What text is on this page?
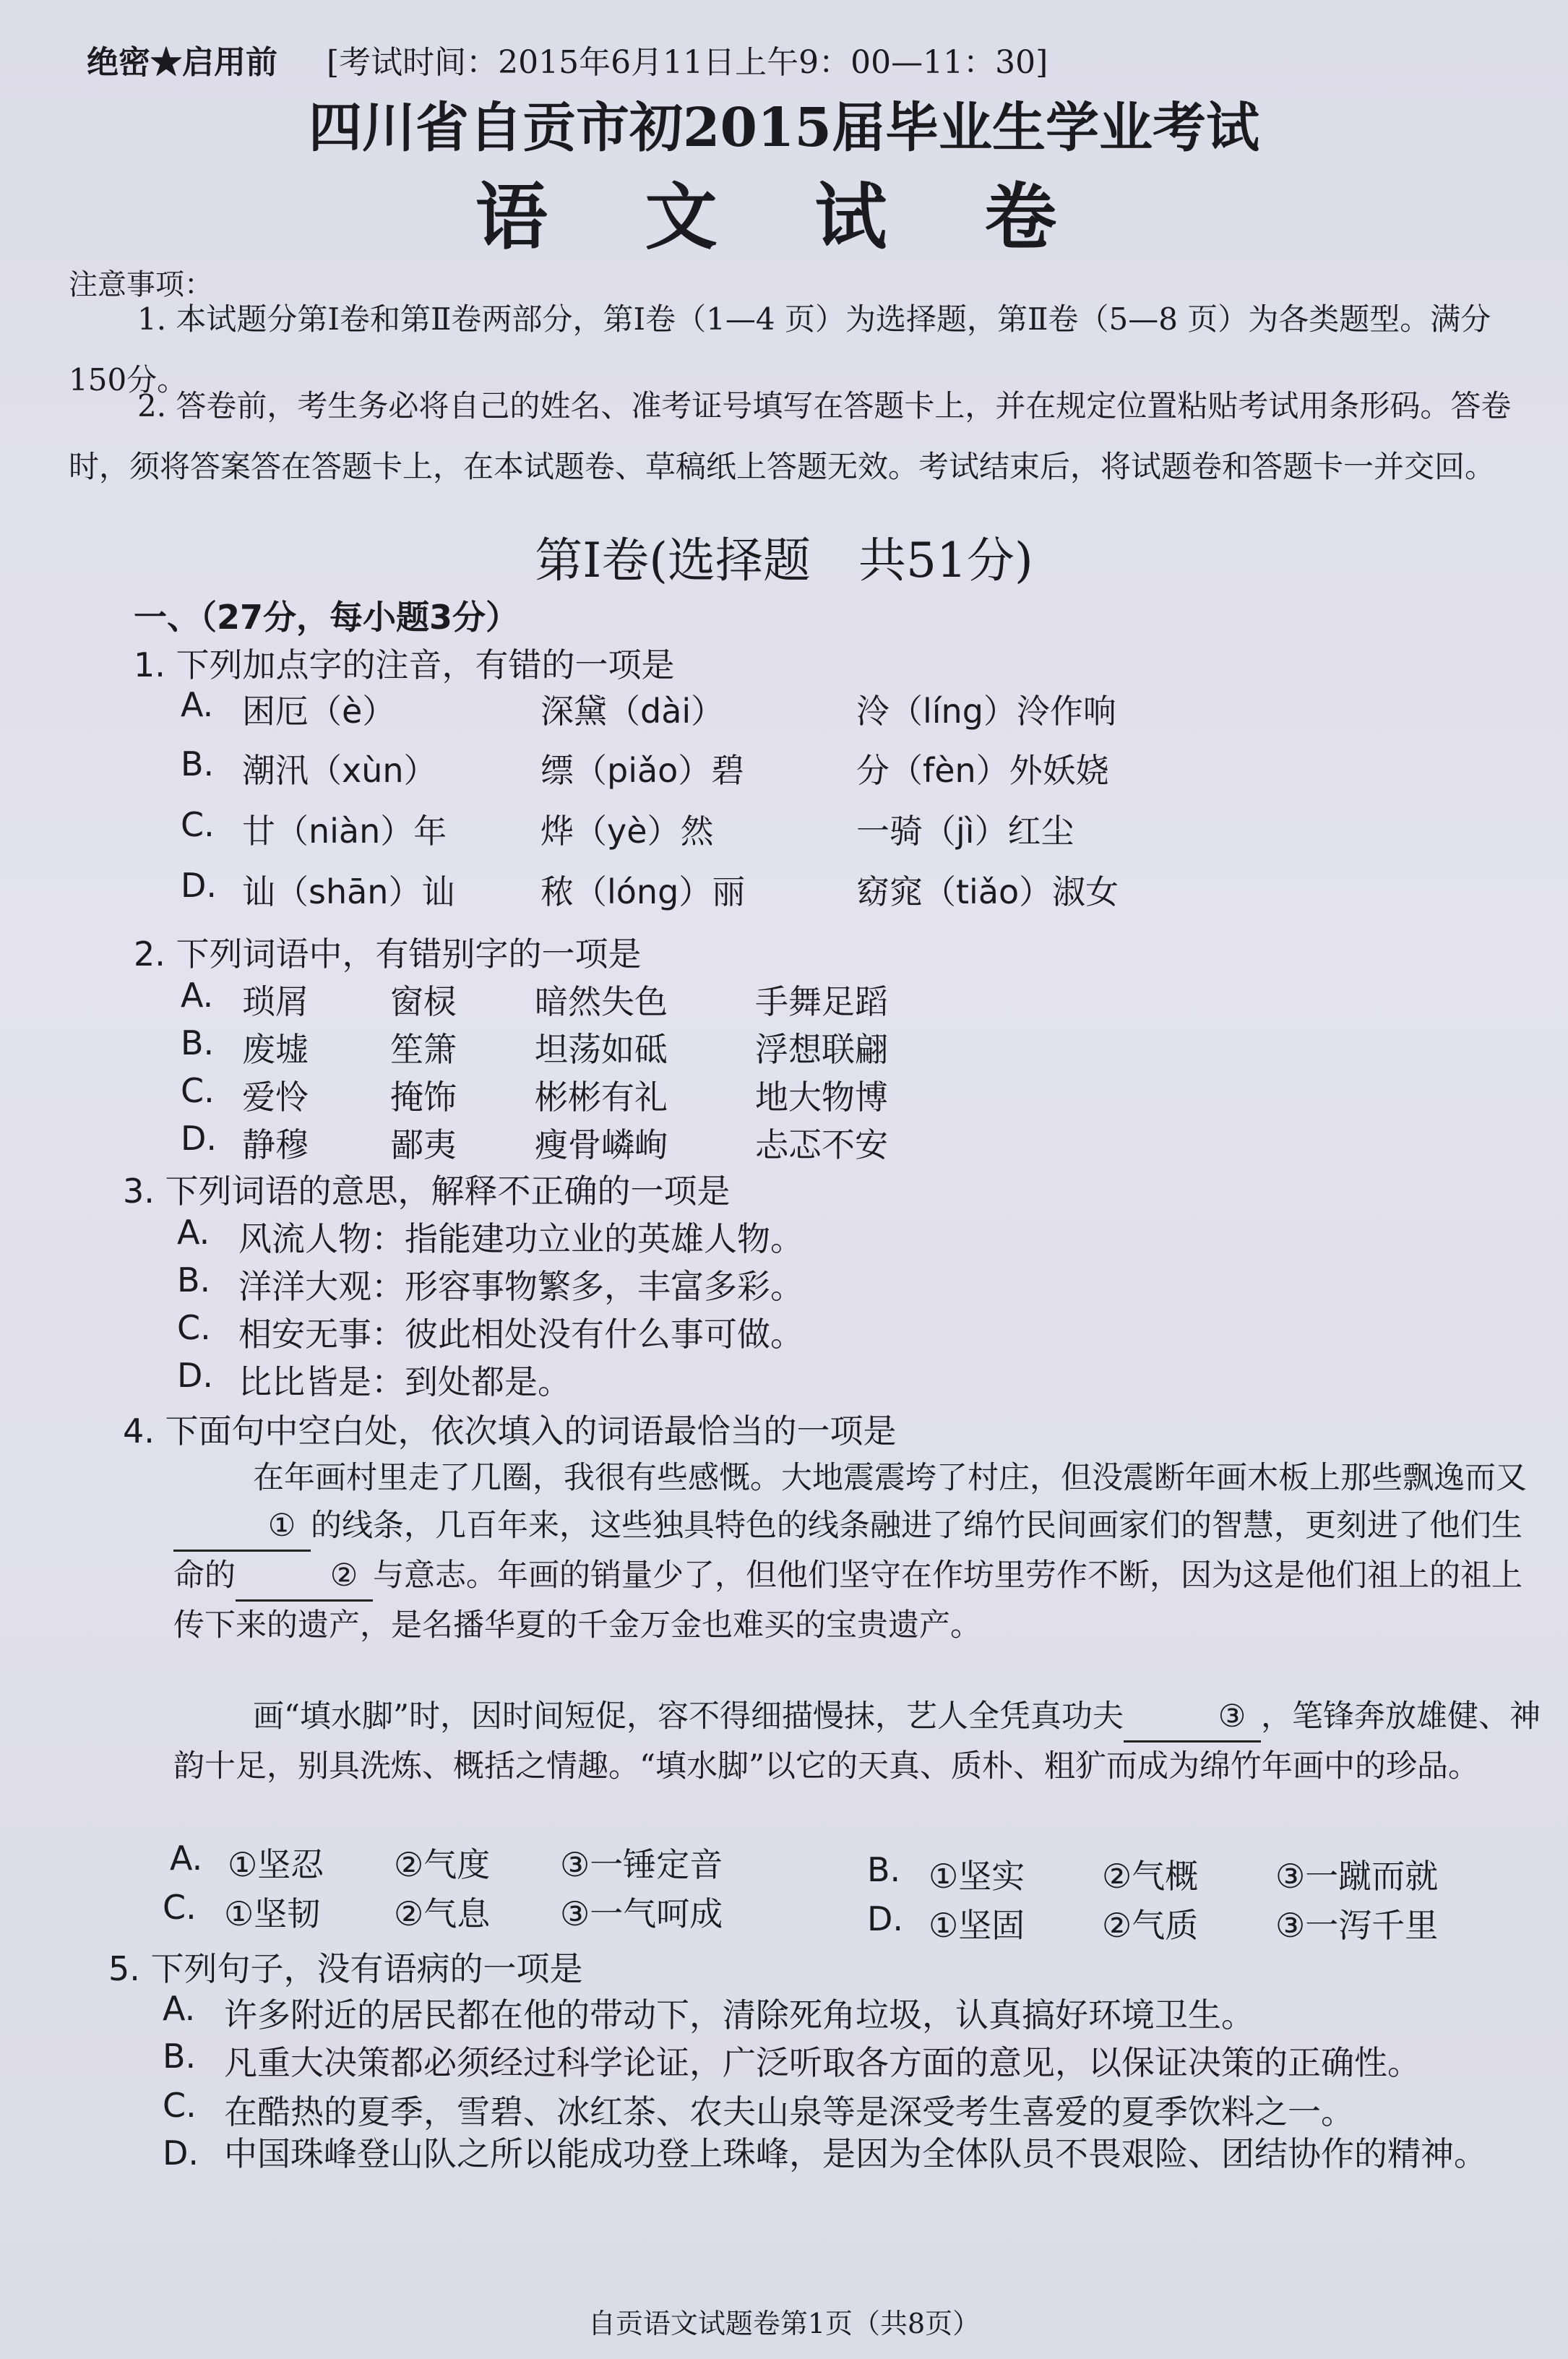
绝密★启用前 [考试时间：2015年6月11日上午9：00—11：30]
四川省自贡市初2015届毕业生学业考试
语 文 试 卷
注意事项：
1. 本试题分第Ⅰ卷和第Ⅱ卷两部分，第Ⅰ卷（1—4 页）为选择题，第Ⅱ卷（5—8 页）为各类题型。满分150分。
2. 答卷前，考生务必将自己的姓名、准考证号填写在答题卡上，并在规定位置粘贴考试用条形码。答卷时，须将答案答在答题卡上，在本试题卷、草稿纸上答题无效。考试结束后，将试题卷和答题卡一并交回。
第Ⅰ卷(选择题　共51分)
一、（27分，每小题3分）
1. 下列加点字的注音，有错的一项是
A. 困厄（è）	深黛（dài）	泠（líng）泠作响
B. 潮汛（xùn）	缥（piǎo）碧	分（fèn）外妖娆
C. 廿（niàn）年	烨（yè）然	一骑（jì）红尘
D. 讪（shān）讪	秾（lóng）丽	窈窕（tiǎo）淑女
2. 下列词语中，有错别字的一项是
A. 琐屑 窗棂 暗然失色	手舞足蹈
B. 废墟 笙箫 坦荡如砥	浮想联翩
C. 爱怜 掩饰 彬彬有礼	地大物博
D. 静穆 鄙夷 瘦骨嶙峋	忐忑不安
3. 下列词语的意思，解释不正确的一项是
A. 风流人物：指能建功立业的英雄人物。
B. 洋洋大观：形容事物繁多，丰富多彩。
C. 相安无事：彼此相处没有什么事可做。
D. 比比皆是：到处都是。
4. 下面句中空白处，依次填入的词语最恰当的一项是
在年画村里走了几圈，我很有些感慨。大地震震垮了村庄，但没震断年画木板上那些飘逸而又① 的线条，几百年来，这些独具特色的线条融进了绵竹民间画家们的智慧，更刻进了他们生命的	② 与意志。年画的销量少了，但他们坚守在作坊里劳作不断，因为这是他们祖上的祖上传下来的遗产，是名播华夏的千金万金也难买的宝贵遗产。
画“填水脚”时，因时间短促，容不得细描慢抹，艺人全凭真功夫	③ ，笔锋奔放雄健、神韵十足，别具洗炼、概括之情趣。“填水脚”以它的天真、质朴、粗犷而成为绵竹年画中的珍品。
A. ①坚忍 ②气度 ③一锤定音	B. ①坚实 ②气概 ③一蹴而就
C. ①坚韧 ②气息 ③一气呵成	D. ①坚固 ②气质 ③一泻千里
5. 下列句子，没有语病的一项是
A. 许多附近的居民都在他的带动下，清除死角垃圾，认真搞好环境卫生。
B. 凡重大决策都必须经过科学论证，广泛听取各方面的意见，以保证决策的正确性。
C. 在酷热的夏季，雪碧、冰红茶、农夫山泉等是深受考生喜爱的夏季饮料之一。
D. 中国珠峰登山队之所以能成功登上珠峰，是因为全体队员不畏艰险、团结协作的精神。
自贡语文试题卷第1页（共8页）
